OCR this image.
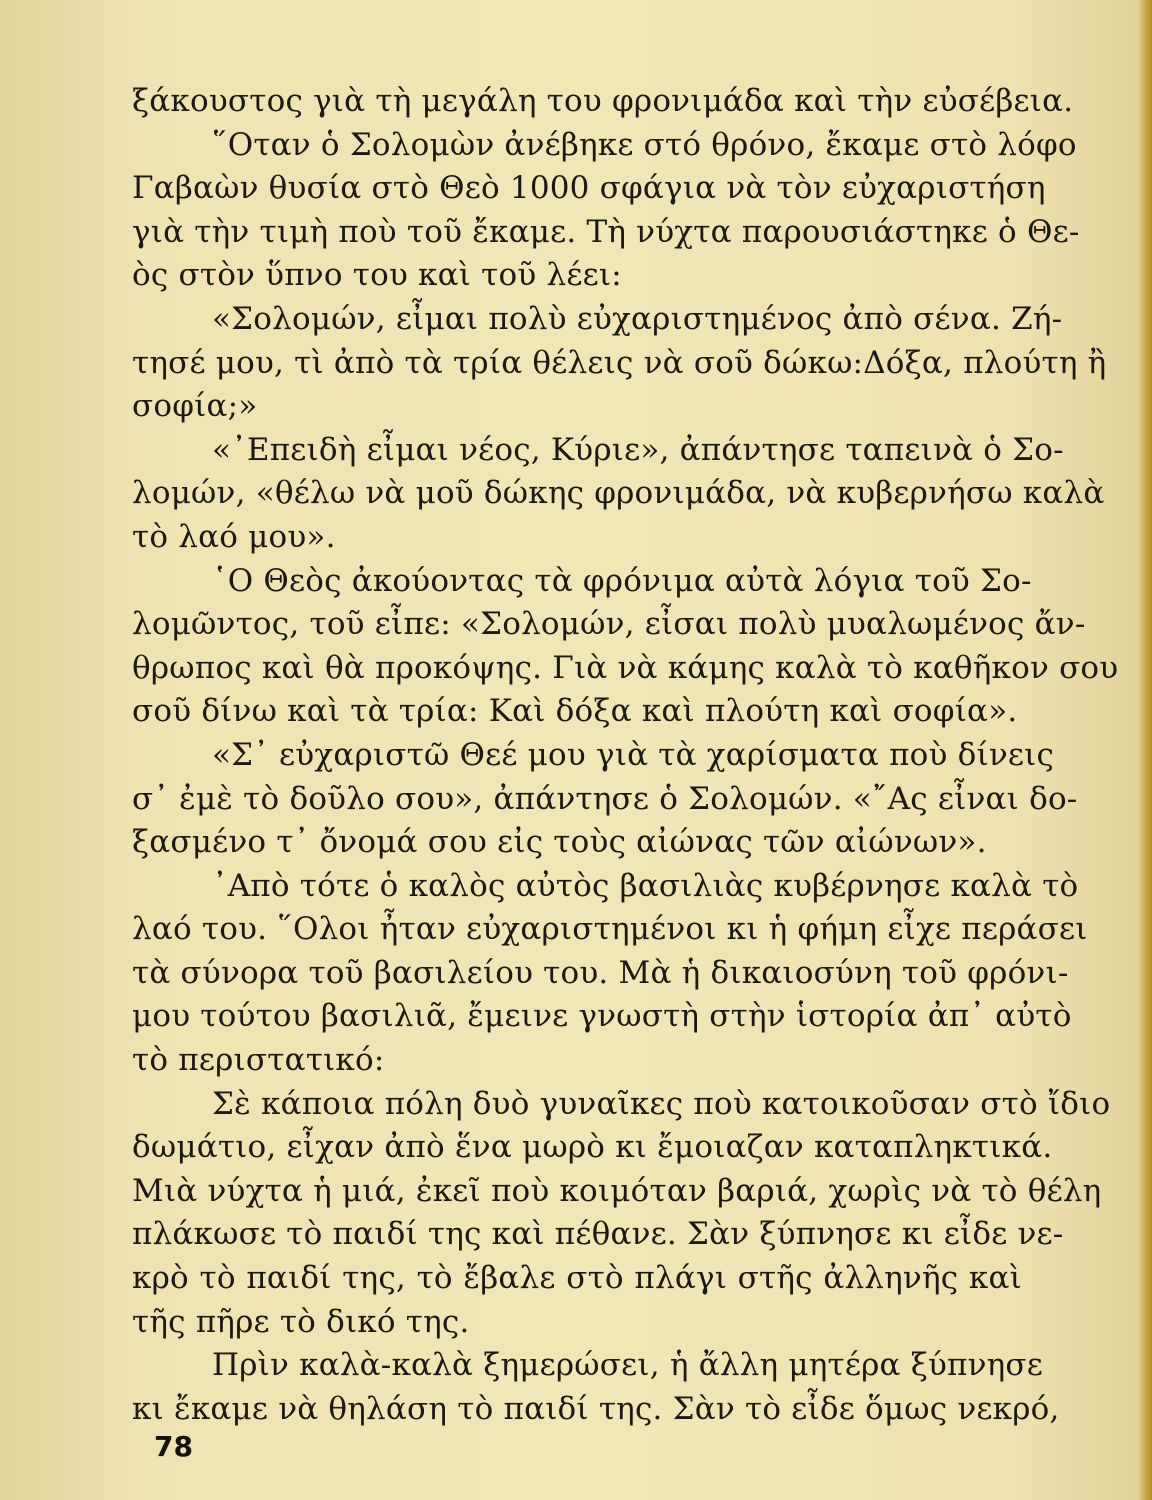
ξάκουστος γιὰ τὴ μεγάλη του φρονιμάδα καὶ τὴν εὐσέβεια.
῞Οταν ὁ Σολομὼν ἀνέβηκε στό θρόνο, ἔκαμε στὸ λόφο
Γαβαὼν θυσία στὸ Θεὸ 1000 σφάγια νὰ τὸν εὐχαριστήση
γιὰ τὴν τιμὴ ποὺ τοῦ ἔκαμε. Τὴ νύχτα παρουσιάστηκε ὁ Θε-
ὸς στὸν ὕπνο του καὶ τοῦ λέει:
«Σολομών, εἶμαι πολὺ εὐχαριστημένος ἀπὸ σένα. Ζή-
τησέ μου, τὶ ἀπὸ τὰ τρία θέλεις νὰ σοῦ δώκω:Δόξα, πλούτη ἢ
σοφία;»
«᾿Επειδὴ εἶμαι νέος, Κύριε», ἀπάντησε ταπεινὰ ὁ Σο-
λομών, «θέλω νὰ μοῦ δώκης φρονιμάδα, νὰ κυβερνήσω καλὰ
τὸ λαό μου».
῾Ο Θεὸς ἀκούοντας τὰ φρόνιμα αὐτὰ λόγια τοῦ Σο-
λομῶντος, τοῦ εἶπε: «Σολομών, εἶσαι πολὺ μυαλωμένος ἄν-
θρωπος καὶ θὰ προκόψης. Γιὰ νὰ κάμης καλὰ τὸ καθῆκον σου
σοῦ δίνω καὶ τὰ τρία: Καὶ δόξα καὶ πλούτη καὶ σοφία».
«Σ᾿ εὐχαριστῶ Θεέ μου γιὰ τὰ χαρίσματα ποὺ δίνεις
σ᾿ ἐμὲ τὸ δοῦλο σου», ἀπάντησε ὁ Σολομών. «῎Ας εἶναι δο-
ξασμένο τ᾿ ὄνομά σου εἰς τοὺς αἰώνας τῶν αἰώνων».
᾿Απὸ τότε ὁ καλὸς αὐτὸς βασιλιὰς κυβέρνησε καλὰ τὸ
λαό του. ῞Ολοι ἦταν εὐχαριστημένοι κι ἡ φήμη εἶχε περάσει
τὰ σύνορα τοῦ βασιλείου του. Μὰ ἡ δικαιοσύνη τοῦ φρόνι-
μου τούτου βασιλιᾶ, ἔμεινε γνωστὴ στὴν ἱστορία ἀπ᾿ αὐτὸ
τὸ περιστατικό:
Σὲ κάποια πόλη δυὸ γυναῖκες ποὺ κατοικοῦσαν στὸ ἴδιο
δωμάτιο, εἶχαν ἀπὸ ἕνα μωρὸ κι ἔμοιαζαν καταπληκτικά.
Μιὰ νύχτα ἡ μιά, ἐκεῖ ποὺ κοιμόταν βαριά, χωρὶς νὰ τὸ θέλη
πλάκωσε τὸ παιδί της καὶ πέθανε. Σὰν ξύπνησε κι εἶδε νε-
κρὸ τὸ παιδί της, τὸ ἔβαλε στὸ πλάγι στῆς ἀλληνῆς καὶ
τῆς πῆρε τὸ δικό της.
Πρὶν καλὰ-καλὰ ξημερώσει, ἡ ἄλλη μητέρα ξύπνησε
κι ἔκαμε νὰ θηλάση τὸ παιδί της. Σὰν τὸ εἶδε ὅμως νεκρό,
78
